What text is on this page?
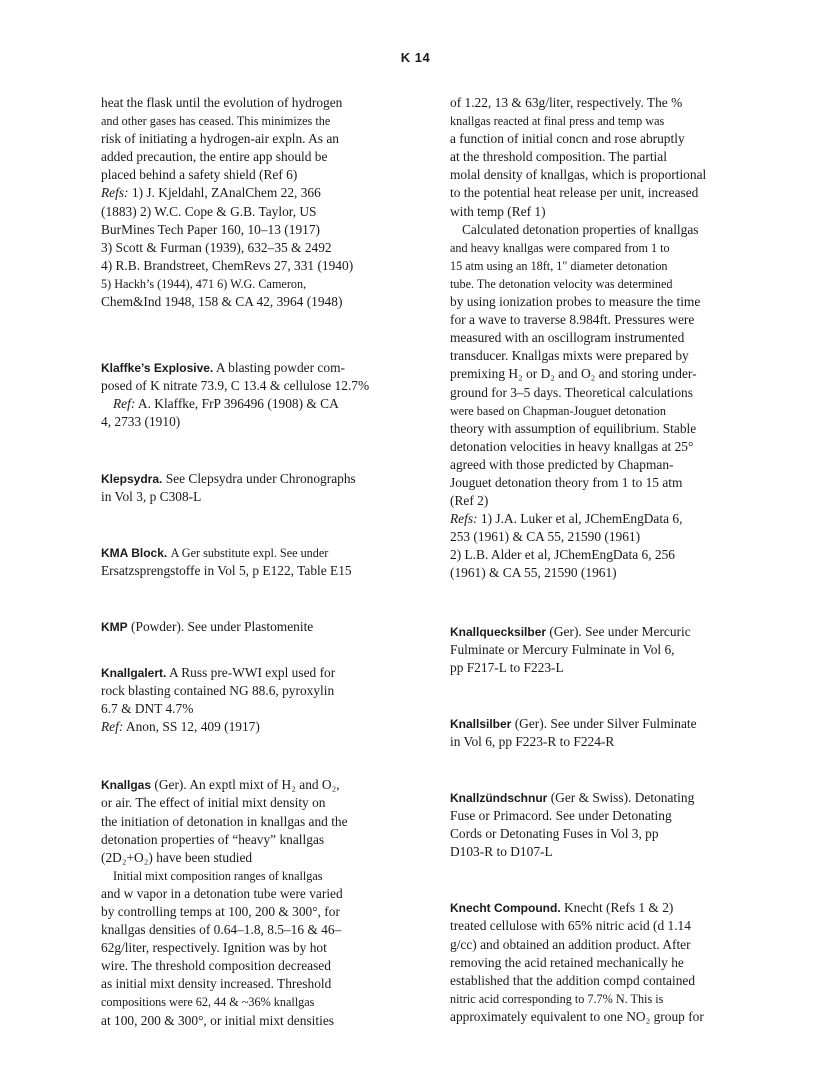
K 14

heat the flask until the evolution of hydrogen

and other gases has ceased. This minimizes the

risk of initiating a hydrogen-air expln. As an

added precaution, the entire app should be

placed behind a safety shield (Ref 6)

Refs: 1) J. Kjeldahl, ZAnalChem 22, 366

(1883) 2) W.C. Cope & G.B. Taylor, US

BurMines Tech Paper 160, 10–13 (1917)

3) Scott & Furman (1939), 632–35 & 2492

4) R.B. Brandstreet, ChemRevs 27, 331 (1940)

5) Hackh’s (1944), 471 6) W.G. Cameron,

Chem&Ind 1948, 158 & CA 42, 3964 (1948)

Klaffke’s Explosive. A blasting powder com-

posed of K nitrate 73.9, C 13.4 & cellulose 12.7%

Ref: A. Klaffke, FrP 396496 (1908) & CA

4, 2733 (1910)

Klepsydra. See Clepsydra under Chronographs

in Vol 3, p C308-L

KMA Block. A Ger substitute expl. See under

Ersatzsprengstoffe in Vol 5, p E122, Table E15

KMP (Powder). See under Plastomenite

Knallgalert. A Russ pre-WWI expl used for

rock blasting contained NG 88.6, pyroxylin

6.7 & DNT 4.7%

Ref: Anon, SS 12, 409 (1917)

Knallgas (Ger). An exptl mixt of H₂ and O₂,

or air. The effect of initial mixt density on

the initiation of detonation in knallgas and the

detonation properties of “heavy” knallgas

(2D₂+O₂) have been studied

Initial mixt composition ranges of knallgas

and w vapor in a detonation tube were varied

by controlling temps at 100, 200 & 300°, for

knallgas densities of 0.64–1.8, 8.5–16 & 46–

62g/liter, respectively. Ignition was by hot

wire. The threshold composition decreased

as initial mixt density increased. Threshold

compositions were 62, 44 & ~36% knallgas

at 100, 200 & 300°, or initial mixt densities

of 1.22, 13 & 63g/liter, respectively. The %

knallgas reacted at final press and temp was

a function of initial concn and rose abruptly

at the threshold composition. The partial

molal density of knallgas, which is proportional

to the potential heat release per unit, increased

with temp (Ref 1)

Calculated detonation properties of knallgas

and heavy knallgas were compared from 1 to

15 atm using an 18ft, 1" diameter detonation

tube. The detonation velocity was determined

by using ionization probes to measure the time

for a wave to traverse 8.984ft. Pressures were

measured with an oscillogram instrumented

transducer. Knallgas mixts were prepared by

premixing H₂ or D₂ and O₂ and storing under-

ground for 3–5 days. Theoretical calculations

were based on Chapman-Jouguet detonation

theory with assumption of equilibrium. Stable

detonation velocities in heavy knallgas at 25°

agreed with those predicted by Chapman-

Jouguet detonation theory from 1 to 15 atm

(Ref 2)

Refs: 1) J.A. Luker et al, JChemEngData 6,

253 (1961) & CA 55, 21590 (1961)

2) L.B. Alder et al, JChemEngData 6, 256

(1961) & CA 55, 21590 (1961)

Knallquecksilber (Ger). See under Mercuric

Fulminate or Mercury Fulminate in Vol 6,

pp F217-L to F223-L

Knallsilber (Ger). See under Silver Fulminate

in Vol 6, pp F223-R to F224-R

Knallzündschnur (Ger & Swiss). Detonating

Fuse or Primacord. See under Detonating

Cords or Detonating Fuses in Vol 3, pp

D103-R to D107-L

Knecht Compound. Knecht (Refs 1 & 2)

treated cellulose with 65% nitric acid (d 1.14

g/cc) and obtained an addition product. After

removing the acid retained mechanically he

established that the addition compd contained

nitric acid corresponding to 7.7% N. This is

approximately equivalent to one NO₂ group for
